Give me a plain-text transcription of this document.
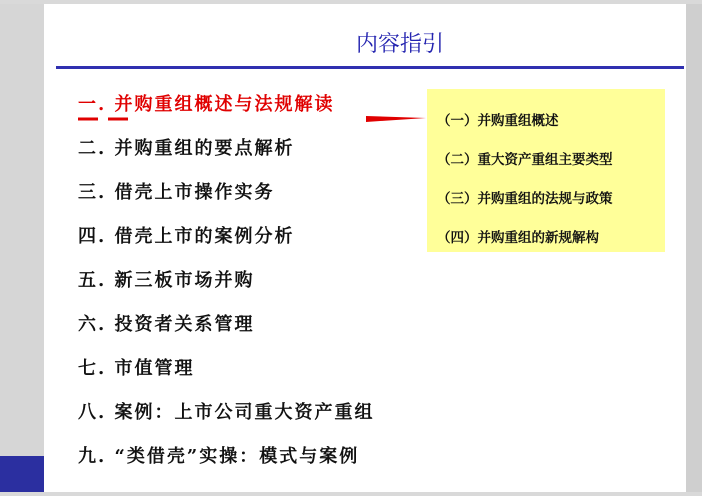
内容指引
一. 并购重组概述与法规解读
二. 并购重组的要点解析
三. 借壳上市操作实务
四. 借壳上市的案例分析
五. 新三板市场并购
六. 投资者关系管理
七. 市值管理
八. 案例：上市公司重大资产重组
九. “类借壳”实操：模式与案例
（一）并购重组概述
（二）重大资产重组主要类型
（三）并购重组的法规与政策
（四）并购重组的新规解构
